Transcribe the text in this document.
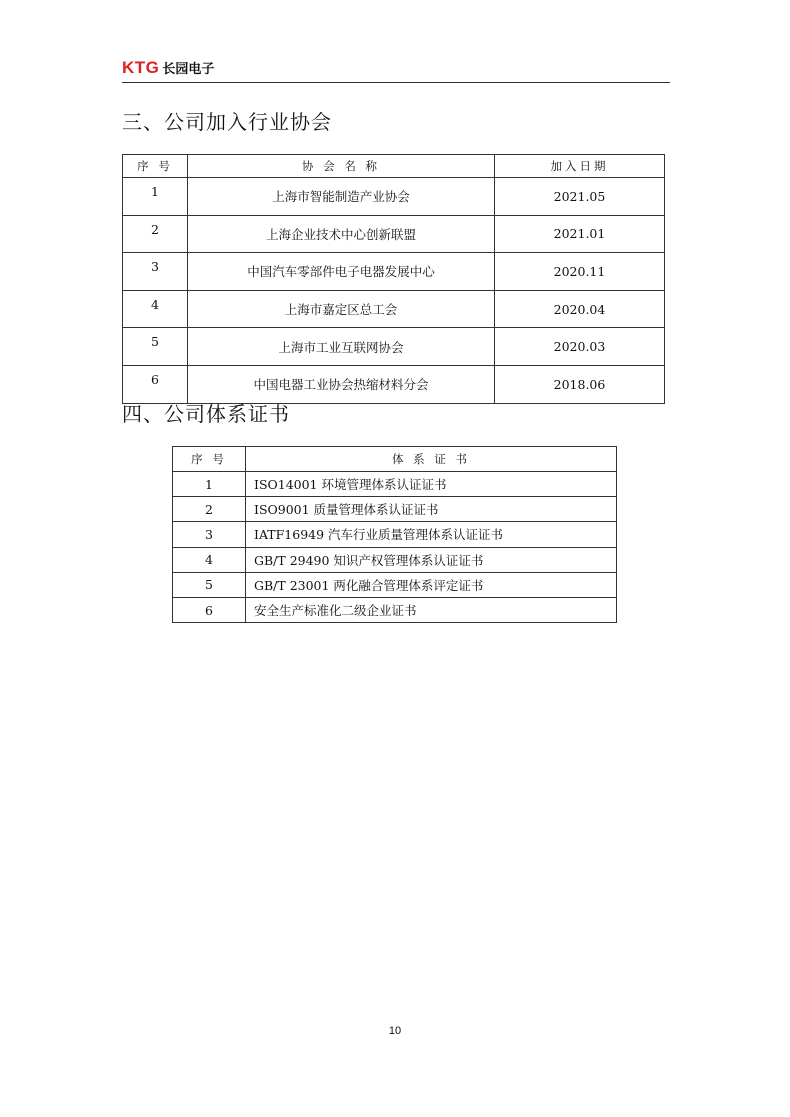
KTG 长园电子
三、公司加入行业协会
序 号	协 会 名 称	加入日期
1	上海市智能制造产业协会	2021.05
2	上海企业技术中心创新联盟	2021.01
3	中国汽车零部件电子电器发展中心	2020.11
4	上海市嘉定区总工会	2020.04
5	上海市工业互联网协会	2020.03
6	中国电器工业协会热缩材料分会	2018.06
四、公司体系证书
序 号	体 系 证 书
1	ISO14001 环境管理体系认证证书
2	ISO9001 质量管理体系认证证书
3	IATF16949 汽车行业质量管理体系认证证书
4	GB/T 29490 知识产权管理体系认证证书
5	GB/T 23001 两化融合管理体系评定证书
6	安全生产标准化二级企业证书
10
